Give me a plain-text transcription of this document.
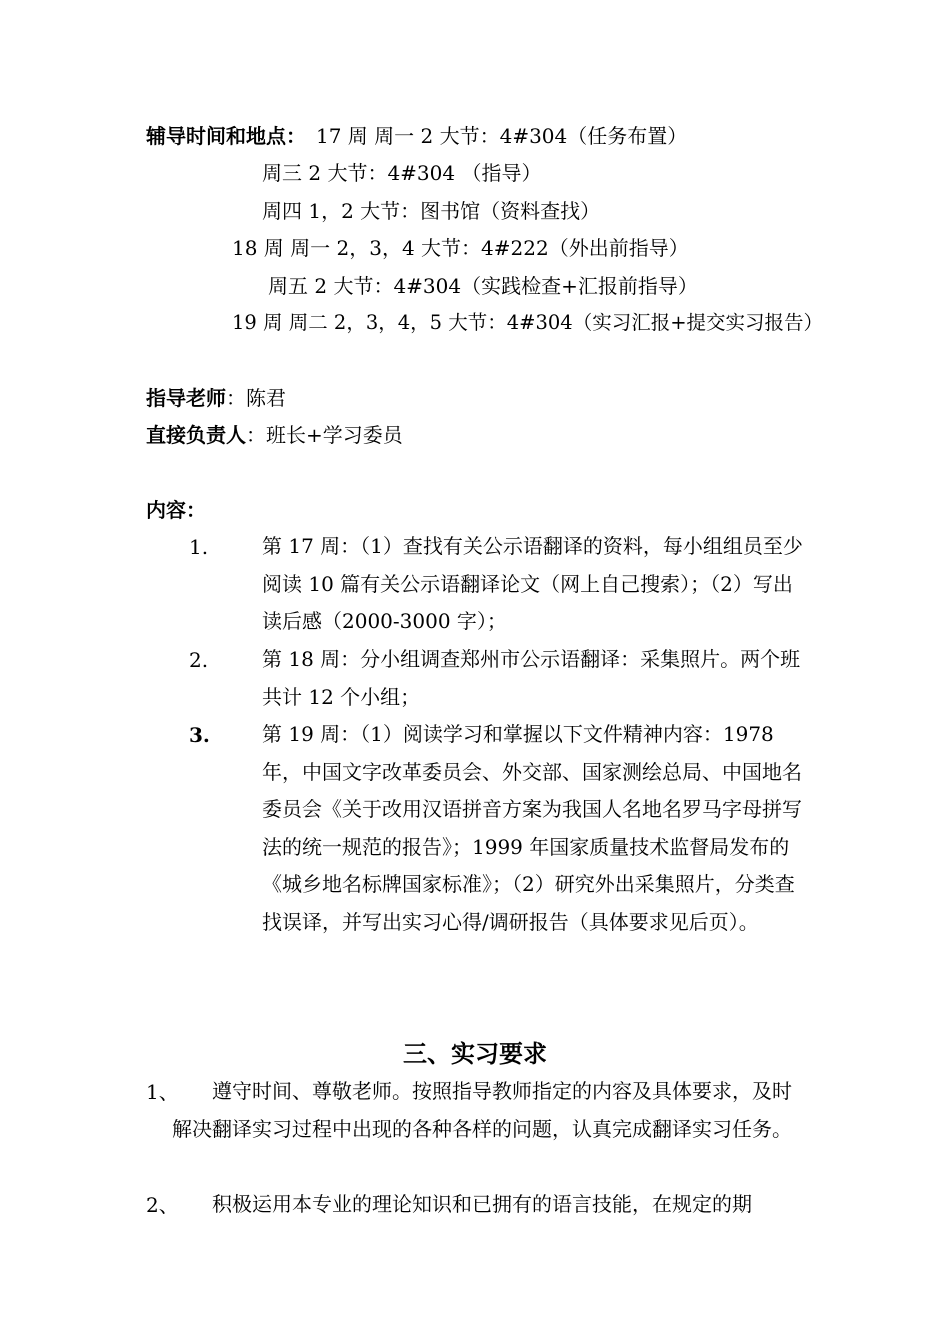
辅导时间和地点： 17 周 周一 2 大节：4#304（任务布置）
周三 2 大节：4#304 （指导）
周四 1，2 大节：图书馆（资料查找）
18 周 周一 2，3，4 大节：4#222（外出前指导）
周五 2 大节：4#304（实践检查+汇报前指导）
19 周 周二 2，3，4，5 大节：4#304（实习汇报+提交实习报告）
指导老师：陈君
直接负责人：班长+学习委员
内容：
1.	第 17 周：（1）查找有关公示语翻译的资料，每小组组员至少阅读 10 篇有关公示语翻译论文（网上自己搜索）；（2）写出读后感（2000-3000 字）；
2.	第 18 周：分小组调查郑州市公示语翻译：采集照片。两个班共计 12 个小组；
3.	第 19 周：（1）阅读学习和掌握以下文件精神内容：1978 年，中国文字改革委员会、外交部、国家测绘总局、中国地名委员会《关于改用汉语拼音方案为我国人名地名罗马字母拼写法的统一规范的报告》；1999 年国家质量技术监督局发布的《城乡地名标牌国家标准》；（2）研究外出采集照片，分类查找误译，并写出实习心得/调研报告（具体要求见后页）。
三、实习要求
1、	遵守时间、尊敬老师。按照指导教师指定的内容及具体要求，及时解决翻译实习过程中出现的各种各样的问题，认真完成翻译实习任务。
2、	积极运用本专业的理论知识和已拥有的语言技能，在规定的期
